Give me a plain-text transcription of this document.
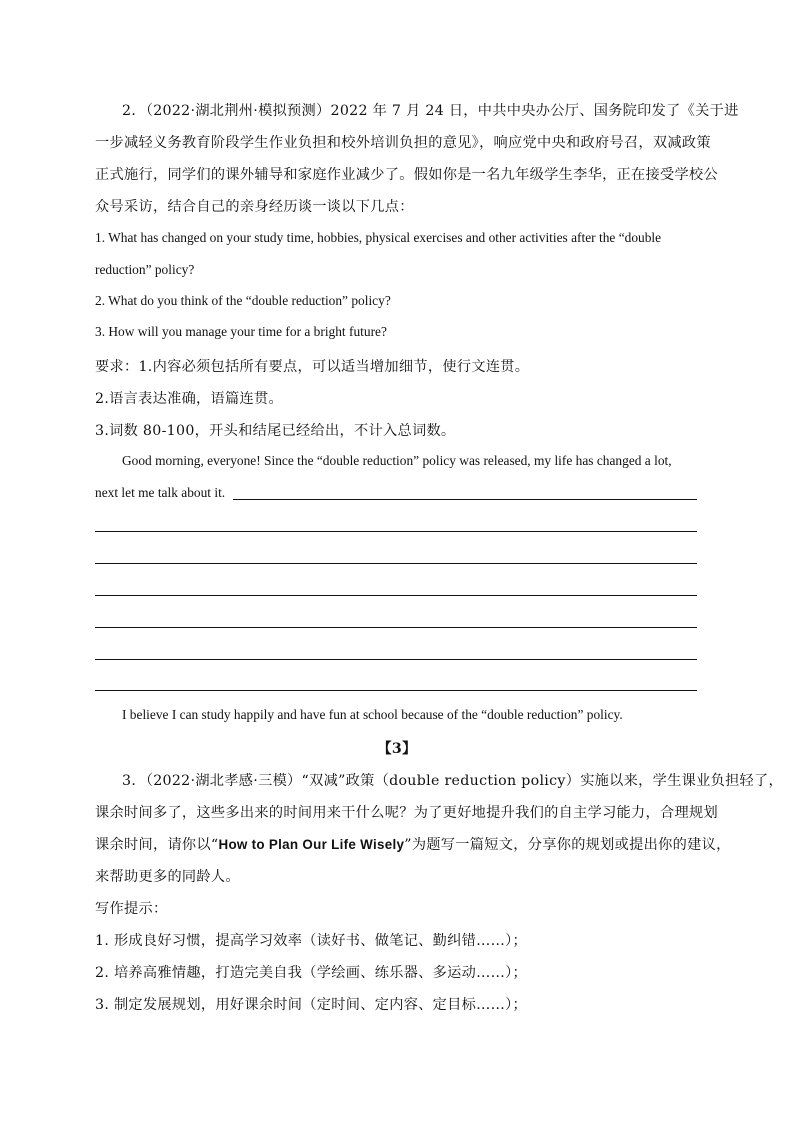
2．（2022·湖北荆州·模拟预测）2022 年 7 月 24 日，中共中央办公厅、国务院印发了《关于进
一步减轻义务教育阶段学生作业负担和校外培训负担的意见》，响应党中央和政府号召，双减政策
正式施行，同学们的课外辅导和家庭作业减少了。假如你是一名九年级学生李华，正在接受学校公
众号采访，结合自己的亲身经历谈一谈以下几点：
1. What has changed on your study time, hobbies, physical exercises and other activities after the “double
reduction” policy?
2. What do you think of the “double reduction” policy?
3. How will you manage your time for a bright future?
要求：1.内容必须包括所有要点，可以适当增加细节，使行文连贯。
2.语言表达准确，语篇连贯。
3.词数 80-100，开头和结尾已经给出，不计入总词数。
Good morning, everyone! Since the “double reduction” policy was released, my life has changed a lot,
next let me talk about it.
I believe I can study happily and have fun at school because of the “double reduction” policy.
【3】
3．（2022·湖北孝感·三模）“双减”政策（double reduction policy）实施以来，学生课业负担轻了，
课余时间多了，这些多出来的时间用来干什么呢？为了更好地提升我们的自主学习能力，合理规划
课余时间，请你以“How to Plan Our Life Wisely”为题写一篇短文，分享你的规划或提出你的建议，
来帮助更多的同龄人。
写作提示：
1. 形成良好习惯，提高学习效率（读好书、做笔记、勤纠错……）；
2. 培养高雅情趣，打造完美自我（学绘画、练乐器、多运动……）；
3. 制定发展规划，用好课余时间（定时间、定内容、定目标……）；
